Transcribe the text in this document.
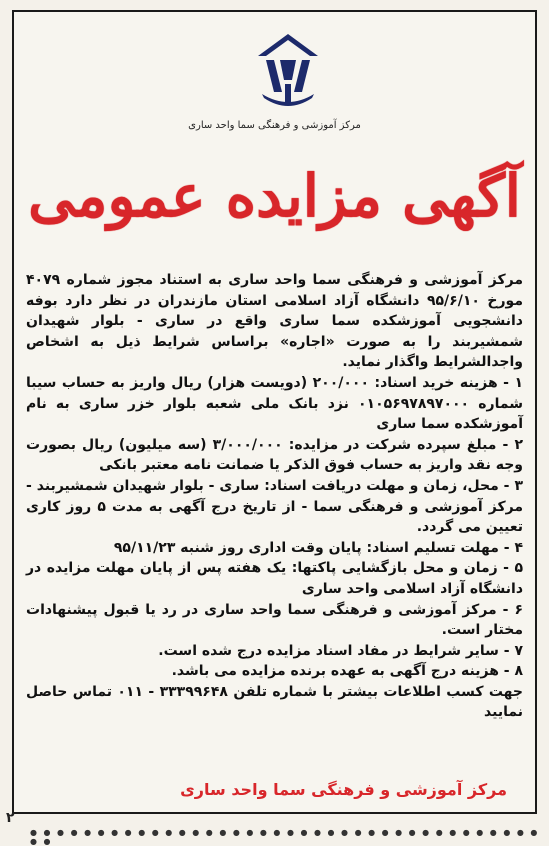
مرکز آموزشی و فرهنگی سما واحد ساری
آگهی مزایده عمومی

مرکز آموزشی و فرهنگی سما واحد ساری به استناد مجوز شماره ۴۰۷۹ مورخ ۹۵/۶/۱۰ دانشگاه آزاد اسلامی استان مازندران در نظر دارد بوفه دانشجویی آموزشکده سما ساری واقع در ساری - بلوار شهیدان شمشیربند را به صورت «اجاره» براساس شرایط ذیل به اشخاص واجدالشرایط واگذار نماید.

۱ - هزینه خرید اسناد: ۲۰۰/۰۰۰ (دویست هزار) ریال واریز به حساب سیبا شماره ۰۱۰۵۶۹۷۸۹۷۰۰۰ نزد بانک ملی شعبه بلوار خزر ساری به نام آموزشکده سما ساری

۲ - مبلغ سپرده شرکت در مزایده: ۳/۰۰۰/۰۰۰ (سه میلیون) ریال بصورت وجه نقد واریز به حساب فوق الذکر یا ضمانت نامه معتبر بانکی

۳ - محل، زمان و مهلت دریافت اسناد: ساری - بلوار شهیدان شمشیربند - مرکز آموزشی و فرهنگی سما - از تاریخ درج آگهی به مدت ۵ روز کاری تعیین می گردد.

۴ - مهلت تسلیم اسناد: پایان وقت اداری روز شنبه ۹۵/۱۱/۲۳

۵ - زمان و محل بازگشایی پاکتها: یک هفته پس از پایان مهلت مزایده در دانشگاه آزاد اسلامی واحد ساری

۶ - مرکز آموزشی و فرهنگی سما واحد ساری در رد یا قبول پیشنهادات مختار است.

۷ - سایر شرایط در مفاد اسناد مزایده درج شده است.

۸ - هزینه درج آگهی به عهده برنده مزایده می باشد.

جهت کسب اطلاعات بیشتر با شماره تلفن ۳۳۳۹۹۶۴۸ - ۰۱۱ تماس حاصل نمایید

مرکز آموزشی و فرهنگی سما واحد ساری
۲
● ● ● ● ● ● ● ● ● ● ● ● ● ● ● ● ● ● ● ● ● ● ● ● ● ● ● ● ● ● ● ● ● ● ● ● ● ● ● ●
